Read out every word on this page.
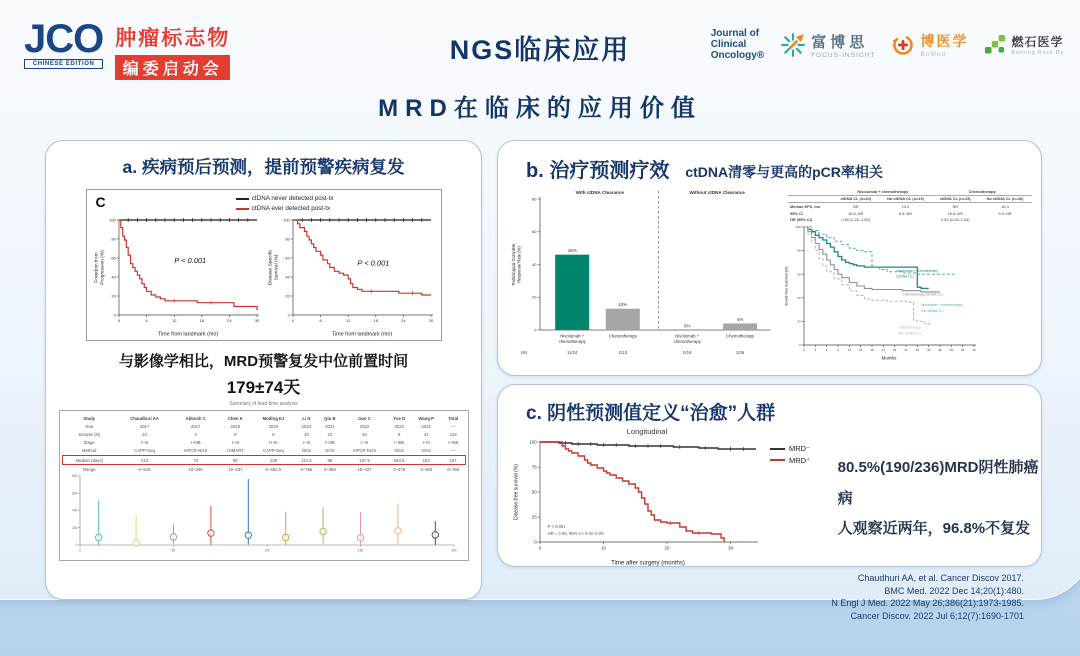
JCO
CHINESE EDITION
肿瘤标志物
编委启动会
NGS临床应用
Journal of
Clinical
Oncology®
富博思
FOCUS-INSIGHT
博医学
BoMed
燃石医学
Burning Rock Dx
MRD在临床的应用价值
a. 疾病预后预测，提前预警疾病复发
C	ctDNA never detected post-tx
ctDNA ever detected post-tx
0	6	12	18	24	30
0
20
40
60
80
100
Time from landmark (mo)
Freedom from Progression (%)	P < 0.001
0	6	12	18	24	30
0
20
40
60
80
100
Time from landmark (mo)
Disease-Specific Survival (%)	P < 0.001
与影像学相比，MRD预警复发中位前置时间
179±74天
Summary of lead-time analysis
Study	Chaudhuri AA	Abbosh C	Chen K	Moding EJ	Li N	Qiu B	Guo C	Yue D	Wang P	Total
Year	2017	2017	2019	2020	2022	2021	2022	2022	2021	—
Sample (N)	10	4	8	8	10	24	10	8	41	119
Stage	I–III	I–IIIB	I–III	II–III	I–III	I–IIIB	I–III	I–IIIB	I–III	I–IIIB
Method	CAPP-Seq	mPCR-NGS	cSMART	CAPP-Seq	NGS	NGS	mPCR-NGS	NGS	NGS	—
Median (days)	213	70	90	138	114.5	88	137.5	264.5	183	167
Range	0–518	10–346	19–237	0–452.5	6–766	0–386	18–437	0–378	3–480	0–766
0
200
400
600
800
0	50	100	150	200
b. 治疗预测疗效 ctDNA清零与更高的pCR率相关
0
20
40
60
80
Pathological Complete Response Rate (%)
With ctDNA Clearance	Without ctDNA Clearance
46%
Nivolumab +
chemotherapy
11/24
13%
Chemotherapy
2/15
0%
Nivolumab +
chemotherapy
0/19
4%
Chemotherapy
1/26
n/N
	Nivolumab + chemotherapy		Chemotherapy	
	ctDNA CL (n=24)	No ctDNA CL (n=19)	ctDNA CL (n=15)	No ctDNA CL (n=26)
Median EFS, mo	NR	13.9	NR	16.3
95% CI	16.6–NR	8.5–NR	16.6–NR	9.4–NR
HR (95% CI)	0.60 (0.20–1.82)		0.63 (0.26–1.54)	
0	3	6	9	12	15	18	21	24	27	30	33	36	39	42	45
0
20
40
60
80
100
Months
Event-free Survival (%)	Nivolumab + chemotherapy
(ctDNA CL)
Chemotherapy (ctDNA CL)
Nivolumab + chemotherapy
(No ctDNA CL)
Chemotherapy
(No ctDNA CL)
c. 阴性预测值定义“治愈”人群
Longitudinal
0	10	20	30
0
25
50
75
100
Time after surgery (months)
Disease-free survival (%)
P < 0.001
HR = 0.05, 95% CI: 0.01–0.09
MRD⁻
MRD⁺ 80.5%(190/236)MRD阴性肺癌病
人观察近两年，96.8%不复发
Chaudhuri AA, et al. Cancer Discov 2017.
BMC Med. 2022 Dec 14;20(1):480.
N Engl J Med. 2022 May 26;386(21):1973-1985.
Cancer Discov. 2022 Jul 6;12(7):1690-1701
